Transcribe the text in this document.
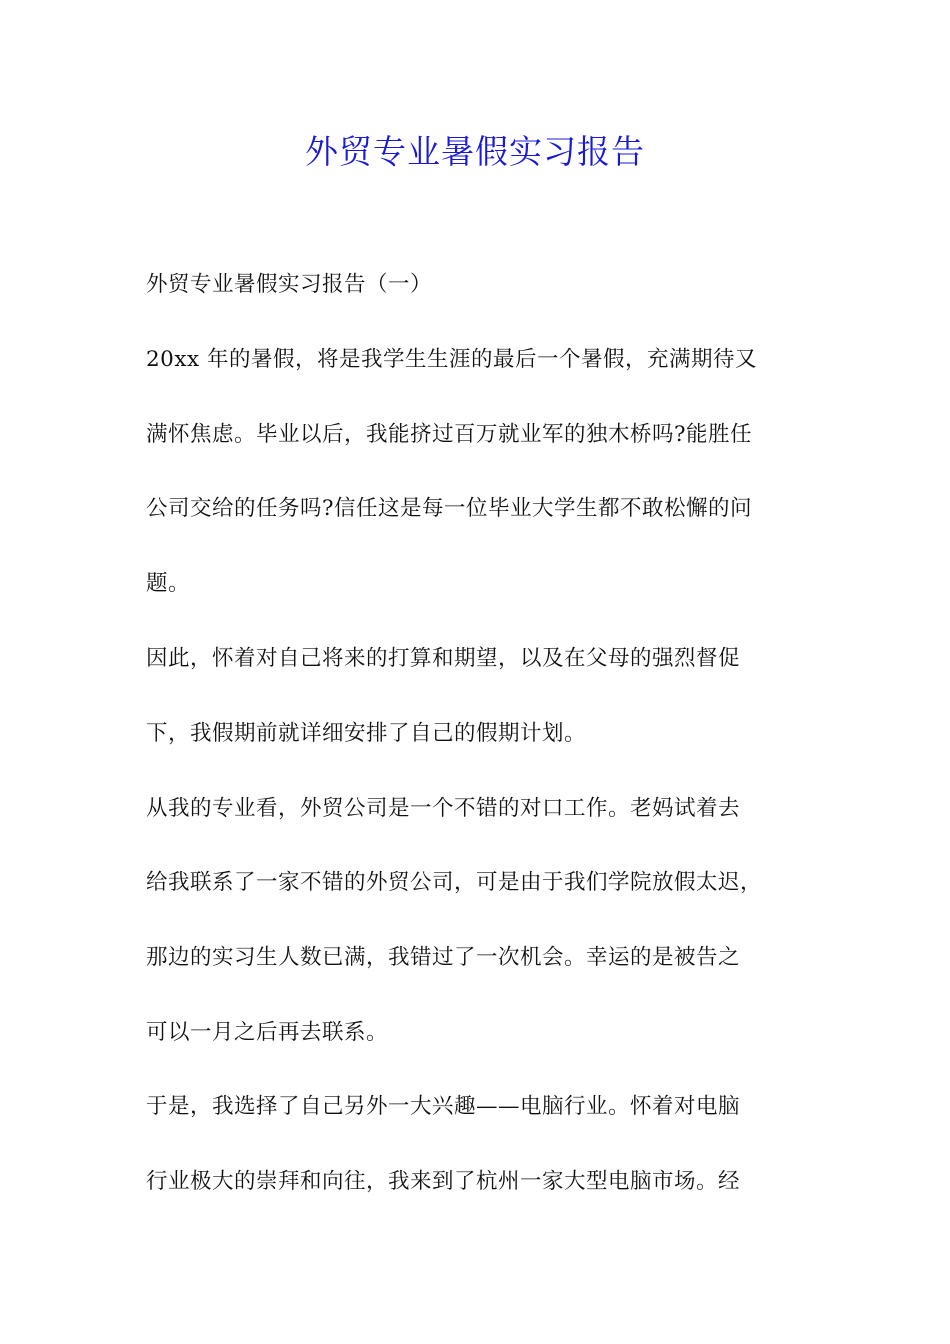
外贸专业暑假实习报告

外贸专业暑假实习报告（一）

20xx 年的暑假，将是我学生生涯的最后一个暑假，充满期待又

满怀焦虑。毕业以后，我能挤过百万就业军的独木桥吗?能胜任

公司交给的任务吗?信任这是每一位毕业大学生都不敢松懈的问

题。

因此，怀着对自己将来的打算和期望，以及在父母的强烈督促

下，我假期前就详细安排了自己的假期计划。

从我的专业看，外贸公司是一个不错的对口工作。老妈试着去

给我联系了一家不错的外贸公司，可是由于我们学院放假太迟，

那边的实习生人数已满，我错过了一次机会。幸运的是被告之

可以一月之后再去联系。

于是，我选择了自己另外一大兴趣——电脑行业。怀着对电脑

行业极大的崇拜和向往，我来到了杭州一家大型电脑市场。经
